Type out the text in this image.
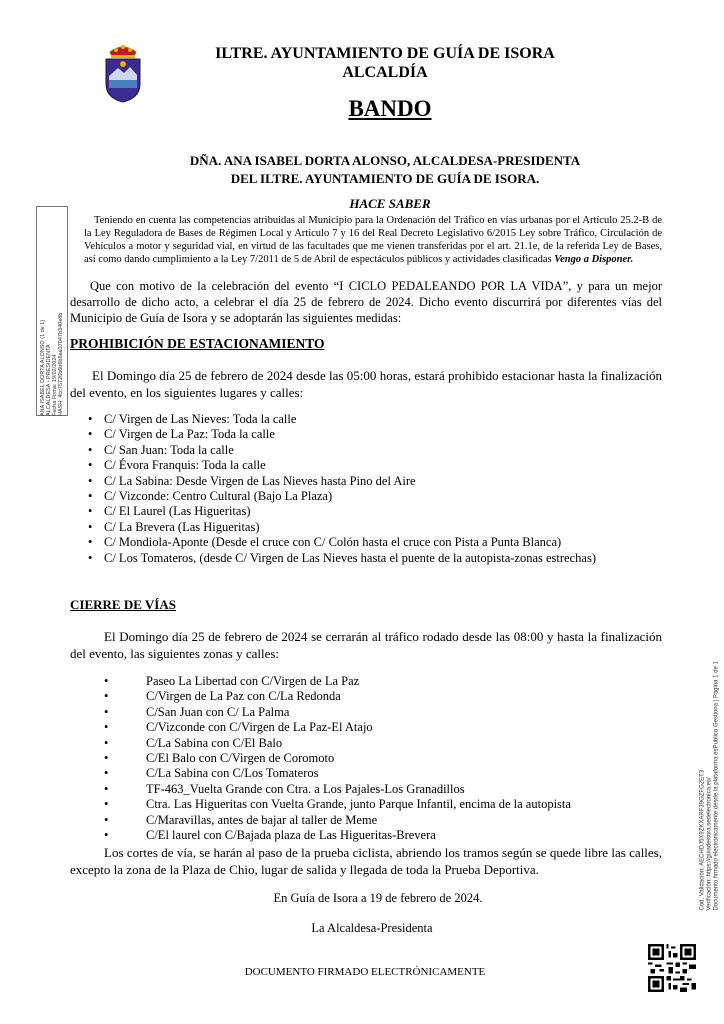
ILTRE. AYUNTAMIENTO DE GUÍA DE ISORA
ALCALDÍA
BANDO
DÑA. ANA ISABEL DORTA ALONSO, ALCALDESA-PRESIDENTA
DEL ILTRE. AYUNTAMIENTO DE GUÍA DE ISORA.
HACE SABER
Teniendo en cuenta las competencias atribuidas al Municipio para la Ordenación del Tráfico en vías urbanas por el Artículo 25.2-B de la Ley Reguladora de Bases de Régimen Local y Artículo 7 y 16 del Real Decreto Legislativo 6/2015 Ley sobre Tráfico, Circulación de Vehículos a motor y seguridad vial, en virtud de las facultades que me vienen transferidas por el art. 21.1e, de la referida Ley de Bases, así como dando cumplimiento a la Ley 7/2011 de 5 de Abril de espectáculos públicos y actividades clasificadas Vengo a Disponer.
Que con motivo de la celebración del evento “I CICLO PEDALEANDO POR LA VIDA”, y para un mejor desarrollo de dicho acto, a celebrar el día 25 de febrero de 2024. Dicho evento discurrirá por diferentes vías del Municipio de Guía de Isora y se adoptarán las siguientes medidas:
PROHIBICIÓN DE ESTACIONAMIENTO
El Domingo día 25 de febrero de 2024 desde las 05:00 horas, estará prohibido estacionar hasta la finalización del evento, en los siguientes lugares y calles:
• C/ Virgen de Las Nieves: Toda la calle
• C/ Virgen de La Paz: Toda la calle
• C/ San Juan: Toda la calle
• C/ Évora Franquis: Toda la calle
• C/ La Sabina: Desde Virgen de Las Nieves hasta Pino del Aire
• C/ Vizconde: Centro Cultural (Bajo La Plaza)
• C/ El Laurel (Las Higueritas)
• C/ La Brevera (Las Higueritas)
• C/ Mondiola-Aponte (Desde el cruce con C/ Colón hasta el cruce con Pista a Punta Blanca)
• C/ Los Tomateros, (desde C/ Virgen de Las Nieves hasta el puente de la autopista-zonas estrechas)
CIERRE DE VÍAS
El Domingo día 25 de febrero de 2024 se cerrarán al tráfico rodado desde las 08:00 y hasta la finalización del evento, las siguientes zonas y calles:
• Paseo La Libertad con C/Virgen de La Paz
• C/Virgen de La Paz con C/La Redonda
• C/San Juan con C/ La Palma
• C/Vizconde con C/Virgen de La Paz-El Atajo
• C/La Sabina con C/El Balo
• C/El Balo con C/Virgen de Coromoto
• C/La Sabina con C/Los Tomateros
• TF-463_Vuelta Grande con Ctra. a Los Pajales-Los Granadillos
• Ctra. Las Higueritas con Vuelta Grande, junto Parque Infantil, encima de la autopista
• C/Maravillas, antes de bajar al taller de Meme
• C/El laurel con C/Bajada plaza de Las Higueritas-Brevera
Los cortes de vía, se harán al paso de la prueba ciclista, abriendo los tramos según se quede libre las calles, excepto la zona de la Plaza de Chio, lugar de salida y llegada de toda la Prueba Deportiva.
En Guía de Isora a 19 de febrero de 2024.
La Alcaldesa-Presidenta
DOCUMENTO FIRMADO ELECTRÓNICAMENTE
ANA ISABEL DORTA ALONSO (1 de 1) ALCALDESA - PRESIDENTA Fecha Firma: 19/02/2024 HASH: 4cc75726b6b6b8aa37047b340e8b
Cód. Validación: AECHDJ5X9ZKXARF39GZFG2ET3 Verificación: https://guiadeisora.sedelectronica.es/ Documento firmado electrónicamente desde la plataforma esPublico Gestiona | Página 1 de 1
